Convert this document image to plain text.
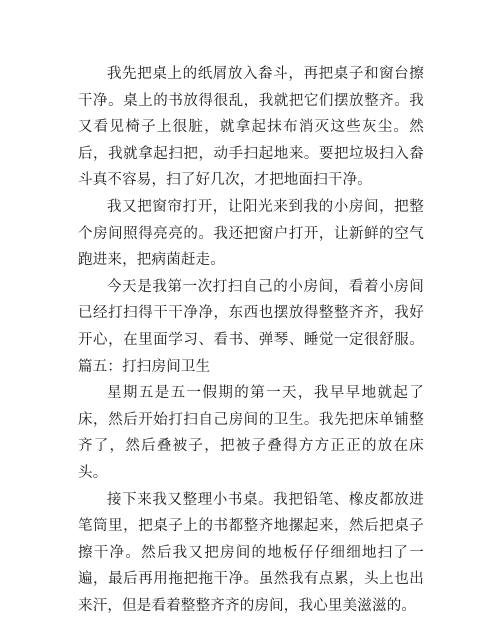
我先把桌上的纸屑放入畚斗，再把桌子和窗台擦干净。桌上的书放得很乱，我就把它们摆放整齐。我又看见椅子上很脏，就拿起抹布消灭这些灰尘。然后，我就拿起扫把，动手扫起地来。要把垃圾扫入畚斗真不容易，扫了好几次，才把地面扫干净。

我又把窗帘打开，让阳光来到我的小房间，把整个房间照得亮亮的。我还把窗户打开，让新鲜的空气跑进来，把病菌赶走。

今天是我第一次打扫自己的小房间，看着小房间已经打扫得干干净净，东西也摆放得整整齐齐，我好开心，在里面学习、看书、弹琴、睡觉一定很舒服。篇五：打扫房间卫生

星期五是五一假期的第一天，我早早地就起了床，然后开始打扫自己房间的卫生。我先把床单铺整齐了，然后叠被子，把被子叠得方方正正的放在床头。

接下来我又整理小书桌。我把铅笔、橡皮都放进笔筒里，把桌子上的书都整齐地摞起来，然后把桌子擦干净。然后我又把房间的地板仔仔细细地扫了一遍，最后再用拖把拖干净。虽然我有点累，头上也出来汗，但是看着整整齐齐的房间，我心里美滋滋的。
